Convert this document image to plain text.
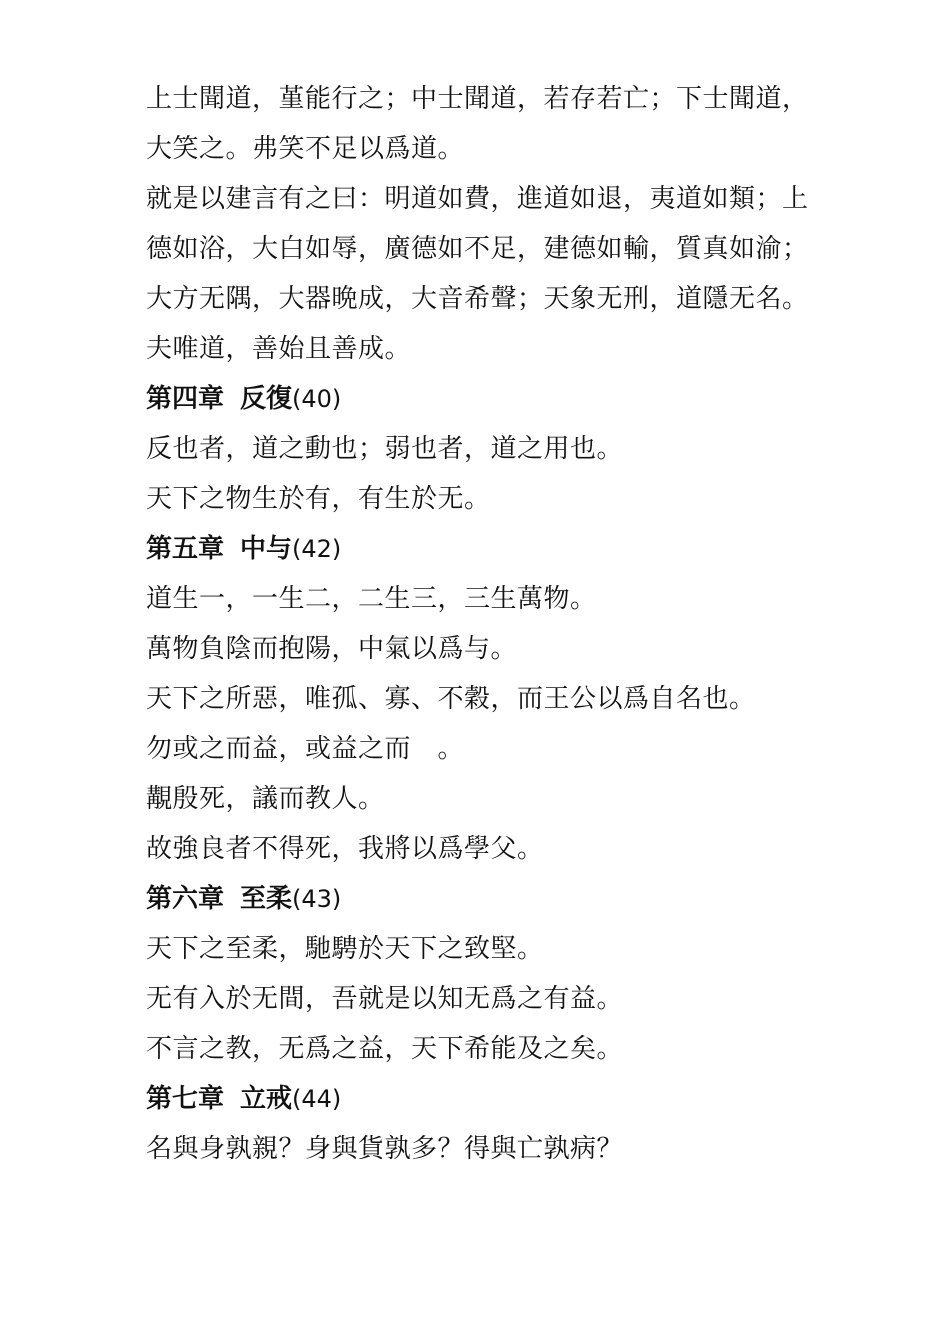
上士聞道，堇能行之；中士聞道，若存若亡；下士聞道，
大笑之。弗笑不足以爲道。
就是以建言有之曰：明道如費，進道如退，夷道如類；上
德如浴，大白如辱，廣德如不足，建德如輸，質真如渝；
大方无隅，大器晩成，大音希聲；天象无刑，道隱无名。
夫唯道，善始且善成。
第四章 反復(40)
反也者，道之動也；弱也者，道之用也。
天下之物生於有，有生於无。
第五章 中与(42)
道生一，一生二，二生三，三生萬物。
萬物負陰而抱陽，中氣以爲与。
天下之所惡，唯孤、寡、不穀，而王公以爲自名也。
勿或之而益，或益之而　。
覯殷死，議而教人。
故強良者不得死，我將以爲學父。
第六章 至柔(43)
天下之至柔，馳騁於天下之致堅。
无有入於无間，吾就是以知无爲之有益。
不言之教，无爲之益，天下希能及之矣。
第七章 立戒(44)
名與身孰親？身與貨孰多？得與亡孰病？
